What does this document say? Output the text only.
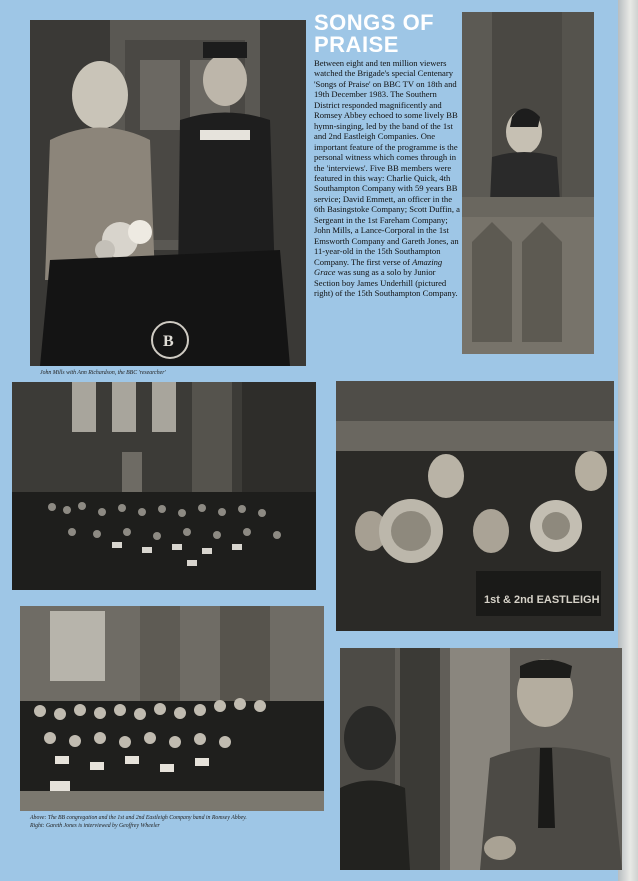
B

John Mills with Ann Richardson, the BBC 'researcher'

SONGS OF
PRAISE

Between eight and ten million viewers watched the Brigade's special Centenary 'Songs of Praise' on BBC TV on 18th and 19th December 1983. The Southern District responded magnificently and Romsey Abbey echoed to some lively BB hymn-singing, led by the band of the 1st and 2nd Eastleigh Companies. One important feature of the programme is the personal witness which comes through in the 'interviews'. Five BB members were featured in this way: Charlie Quick, 4th Southampton Company with 59 years BB service; David Emmett, an officer in the 6th Basingstoke Company; Scott Duffin, a Sergeant in the 1st Fareham Company; John Mills, a Lance-Corporal in the 1st Emsworth Company and Gareth Jones, an 11-year-old in the 15th Southampton Company. The first verse of Amazing Grace was sung as a solo by Junior Section boy James Underhill (pictured right) of the 15th Southampton Company.

1st & 2nd EASTLEIGH

Above: The BB congregation and the 1st and 2nd Eastleigh Company band in Romsey Abbey.

Right: Gareth Jones is interviewed by Geoffrey Wheeler
